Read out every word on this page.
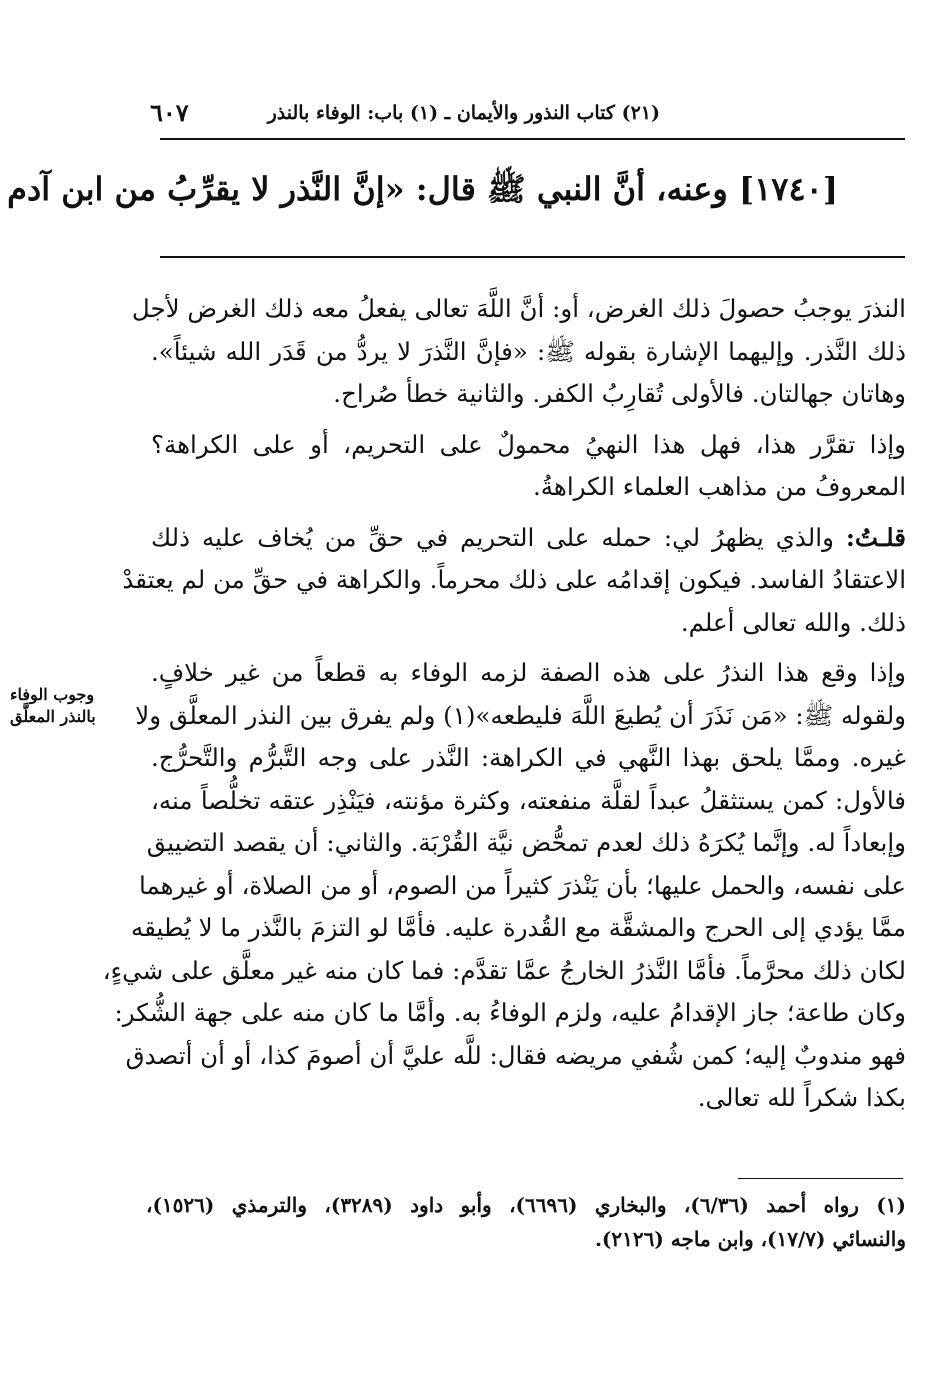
(٢١) كتاب النذور والأيمان ـ (١) باب: الوفاء بالنذر
٦٠٧
[١٧٤٠] وعنه، أنَّ النبي ﷺ قال: «إنَّ النَّذر لا يقرِّبُ من ابن آدم
النذرَ يوجبُ حصولَ ذلك الغرض، أو: أنَّ اللَّهَ تعالى يفعلُ معه ذلك الغرض لأجل
ذلك النَّذر. وإليهما الإشارة بقوله ﷺ: «فإنَّ النَّذرَ لا يردُّ من قَدَر الله شيئاً».
وهاتان جهالتان. فالأولى تُقارِبُ الكفر. والثانية خطأ صُراح.
وإذا تقرَّر هذا، فهل هذا النهيُ محمولٌ على التحريم، أو على الكراهة؟
المعروفُ من مذاهب العلماء الكراهةُ.
قلـتُ: والذي يظهرُ لي: حمله على التحريم في حقِّ من يُخاف عليه ذلك
الاعتقادُ الفاسد. فيكون إقدامُه على ذلك محرماً. والكراهة في حقِّ من لم يعتقدْ
ذلك. والله تعالى أعلم.
وإذا وقع هذا النذرُ على هذه الصفة لزمه الوفاء به قطعاً من غير خلافٍ.
ولقوله ﷺ: «مَن نَذَرَ أن يُطيعَ اللَّهَ فليطعه»(١) ولم يفرق بين النذر المعلَّق ولا
غيره. وممَّا يلحق بهذا النَّهي في الكراهة: النَّذر على وجه التَّبرُّم والتَّحرُّج.
فالأول: كمن يستثقلُ عبداً لقلَّة منفعته، وكثرة مؤنته، فيَنْذِر عتقه تخلُّصاً منه،
وإبعاداً له. وإنَّما يُكرَهُ ذلك لعدم تمحُّض نيَّة القُرْبَة. والثاني: أن يقصد التضييق
على نفسه، والحمل عليها؛ بأن يَنْذرَ كثيراً من الصوم، أو من الصلاة، أو غيرهما
ممَّا يؤدي إلى الحرج والمشقَّة مع القُدرة عليه. فأمَّا لو التزمَ بالنَّذر ما لا يُطيقه
لكان ذلك محرَّماً. فأمَّا النَّذرُ الخارجُ عمَّا تقدَّم: فما كان منه غير معلَّق على شيءٍ،
وكان طاعة؛ جاز الإقدامُ عليه، ولزم الوفاءُ به. وأمَّا ما كان منه على جهة الشُّكر:
فهو مندوبٌ إليه؛ كمن شُفي مريضه فقال: للَّه عليَّ أن أصومَ كذا، أو أن أتصدق
بكذا شكراً لله تعالى.
وجوب الوفاء
بالنذر المعلَّق
(١) رواه أحمد (٦/٣٦)، والبخاري (٦٦٩٦)، وأبو داود (٣٢٨٩)، والترمذي (١٥٢٦)،
والنسائي (١٧/٧)، وابن ماجه (٢١٢٦).
